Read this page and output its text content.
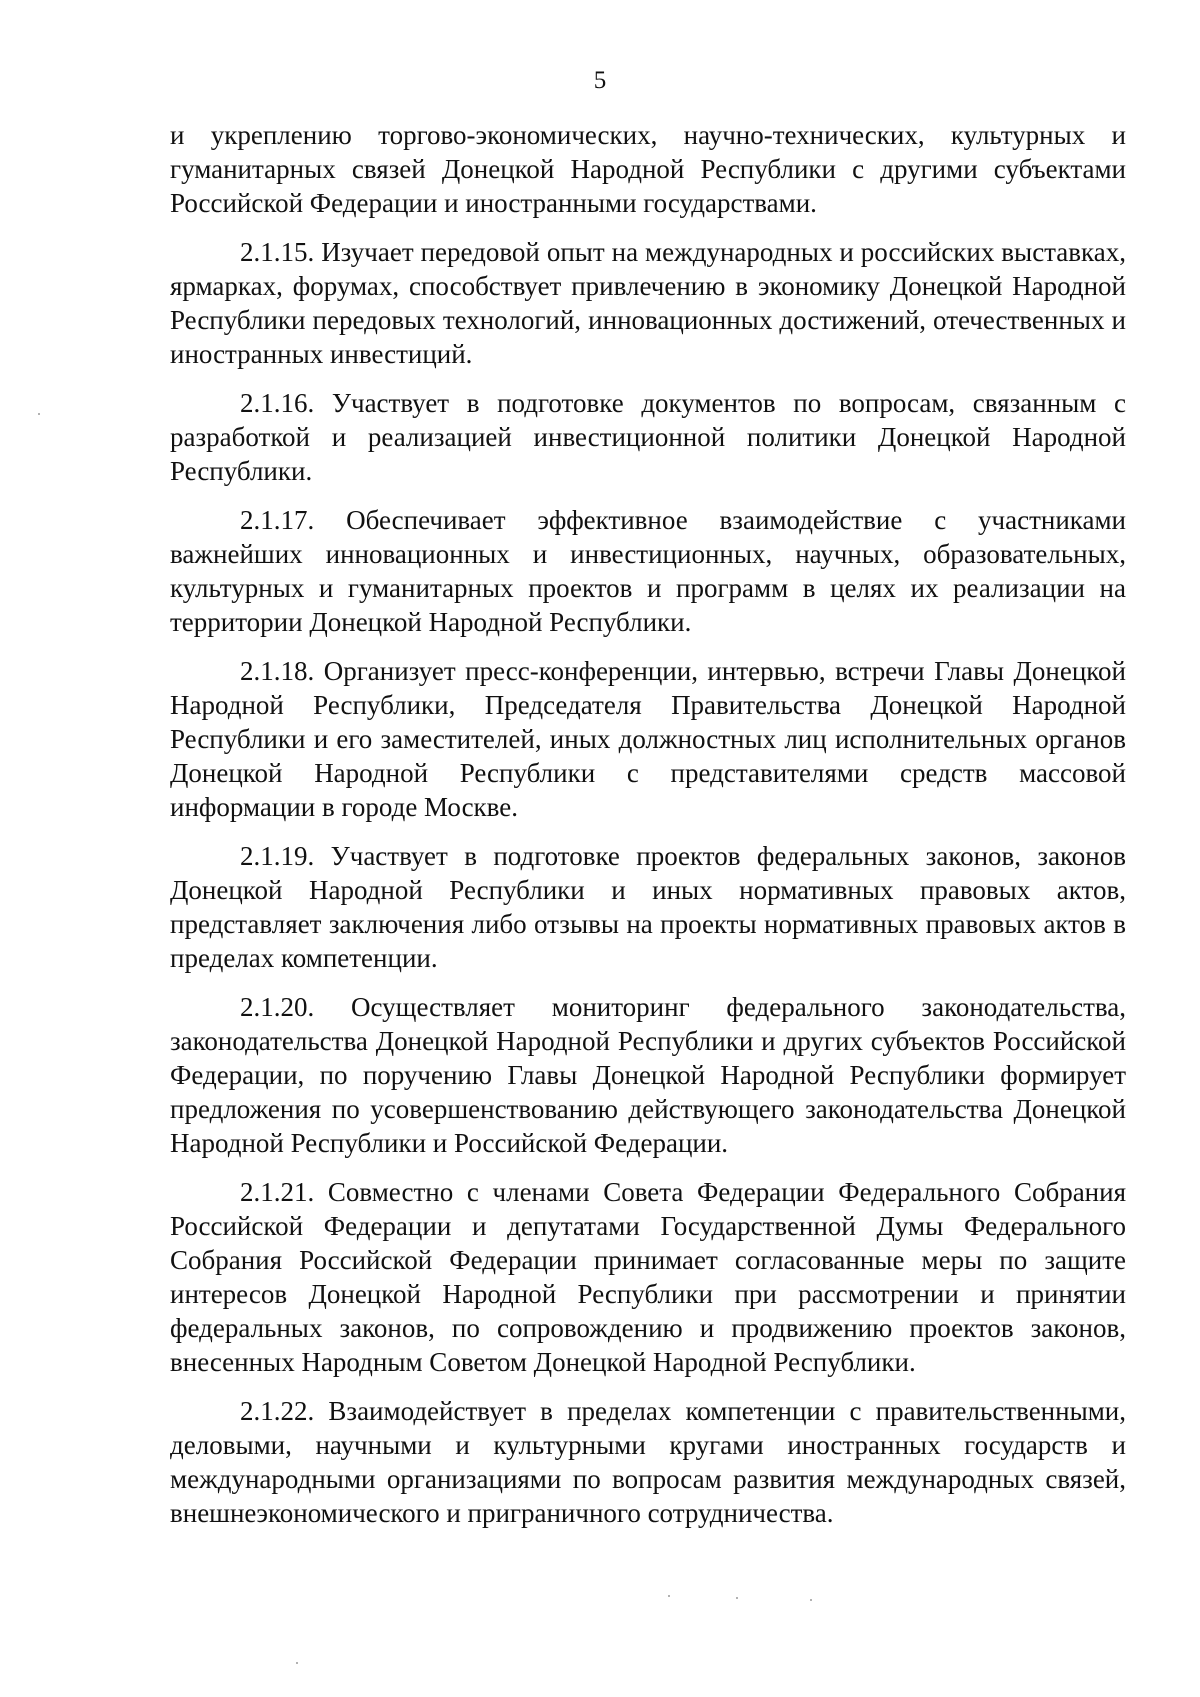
5

и укреплению торгово-экономических, научно-технических, культурных и гуманитарных связей Донецкой Народной Республики с другими субъектами Российской Федерации и иностранными государствами.

2.1.15. Изучает передовой опыт на международных и российских выставках, ярмарках, форумах, способствует привлечению в экономику Донецкой Народной Республики передовых технологий, инновационных достижений, отечественных и иностранных инвестиций.

2.1.16. Участвует в подготовке документов по вопросам, связанным с разработкой и реализацией инвестиционной политики Донецкой Народной Республики.

2.1.17. Обеспечивает эффективное взаимодействие с участниками важнейших инновационных и инвестиционных, научных, образовательных, культурных и гуманитарных проектов и программ в целях их реализации на территории Донецкой Народной Республики.

2.1.18. Организует пресс-конференции, интервью, встречи Главы Донецкой Народной Республики, Председателя Правительства Донецкой Народной Республики и его заместителей, иных должностных лиц исполнительных органов Донецкой Народной Республики с представителями средств массовой информации в городе Москве.

2.1.19. Участвует в подготовке проектов федеральных законов, законов Донецкой Народной Республики и иных нормативных правовых актов, представляет заключения либо отзывы на проекты нормативных правовых актов в пределах компетенции.

2.1.20. Осуществляет мониторинг федерального законодательства, законодательства Донецкой Народной Республики и других субъектов Российской Федерации, по поручению Главы Донецкой Народной Республики формирует предложения по усовершенствованию действующего законодательства Донецкой Народной Республики и Российской Федерации.

2.1.21. Совместно с членами Совета Федерации Федерального Собрания Российской Федерации и депутатами Государственной Думы Федерального Собрания Российской Федерации принимает согласованные меры по защите интересов Донецкой Народной Республики при рассмотрении и принятии федеральных законов, по сопровождению и продвижению проектов законов, внесенных Народным Советом Донецкой Народной Республики.

2.1.22. Взаимодействует в пределах компетенции с правительственными, деловыми, научными и культурными кругами иностранных государств и международными организациями по вопросам развития международных связей, внешнеэкономического и приграничного сотрудничества.
